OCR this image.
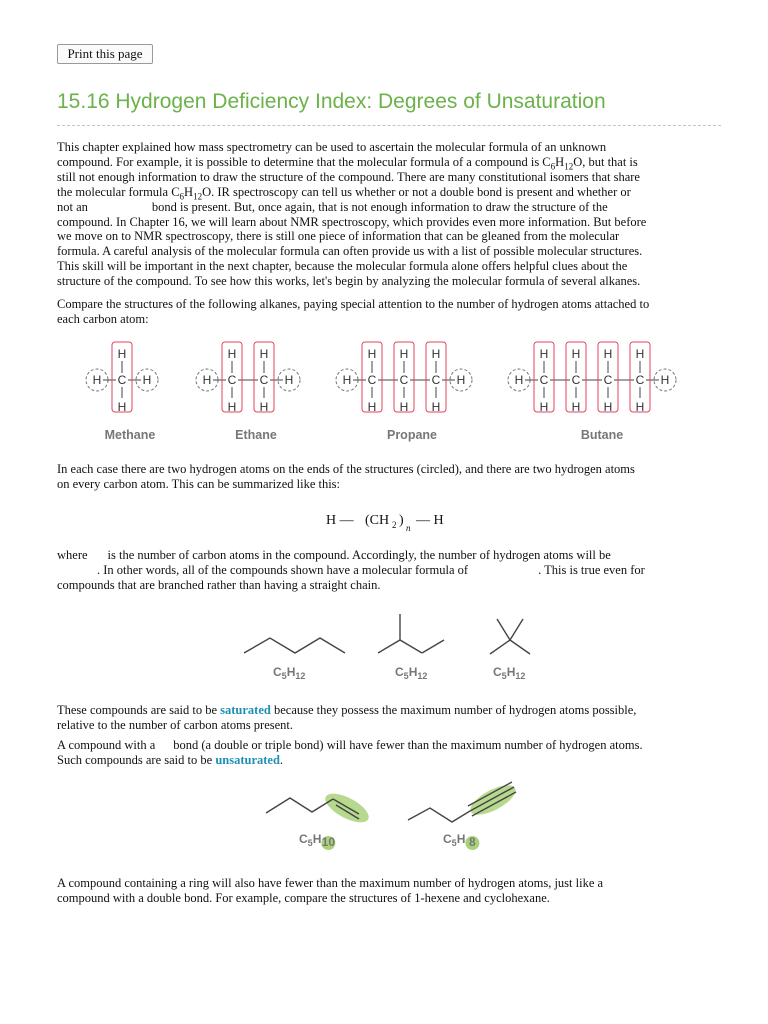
Print this page
15.16 Hydrogen Deficiency Index: Degrees of Unsaturation
This chapter explained how mass spectrometry can be used to ascertain the molecular formula of an unknown
compound. For example, it is possible to determine that the molecular formula of a compound is $C_6H_{12}O$, but that is
still not enough information to draw the structure of the compound. There are many constitutional isomers that share
the molecular formula $C_6H_{12}O$. IR spectroscopy can tell us whether or not a double bond is present and whether or
not an	bond is present. But, once again, that is not enough information to draw the structure of the
compound. In Chapter 16, we will learn about NMR spectroscopy, which provides even more information. But before
we move on to NMR spectroscopy, there is still one piece of information that can be gleaned from the molecular
formula. A careful analysis of the molecular formula can often provide us with a list of possible molecular structures.
This skill will be important in the next chapter, because the molecular formula alone offers helpful clues about the
structure of the compound. To see how this works, let's begin by analyzing the molecular formula of several alkanes.
Compare the structures of the following alkanes, paying special attention to the number of hydrogen atoms attached to
each carbon atom:
H	H
H
C
H
Methane
H	H
H
C
H
H
C
H
Ethane
H	H
H
C
H
H
C
H
H
C
H
Propane
H	H
H
C
H
H
C
H
H
C
H
H
C
H
Butane
In each case there are two hydrogen atoms on the ends of the structures (circled), and there are two hydrogen atoms
on every carbon atom. This can be summarized like this:
H — (CH 2 ) n — H
where is the number of carbon atoms in the compound. Accordingly, the number of hydrogen atoms will be
. In other words, all of the compounds shown have a molecular formula of	. This is true even for
compounds that are branched rather than having a straight chain.
$C_5H_{12}$	$C_5H_{12}$	$C_5H_{12}$
These compounds are said to be saturated because they possess the maximum number of hydrogen atoms possible,
relative to the number of carbon atoms present.
A compound with a bond (a double or triple bond) will have fewer than the maximum number of hydrogen atoms.
Such compounds are said to be unsaturated.
$C_5H$ 10	$C_5H$ 8
A compound containing a ring will also have fewer than the maximum number of hydrogen atoms, just like a
compound with a double bond. For example, compare the structures of 1-hexene and cyclohexane.
